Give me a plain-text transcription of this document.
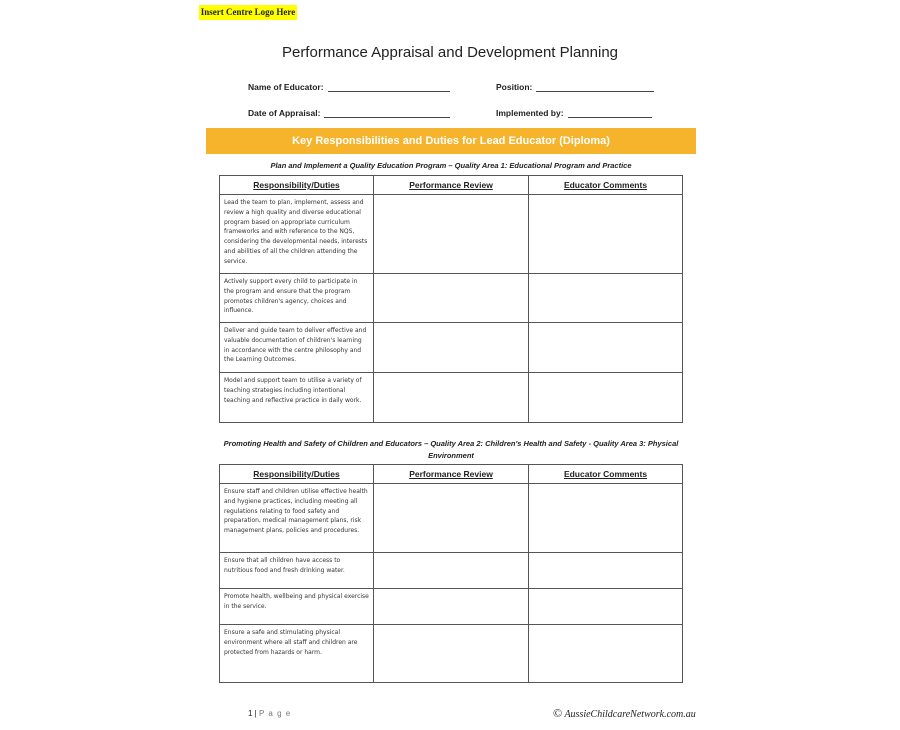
Insert Centre Logo Here
Performance Appraisal and Development Planning
Name of Educator:	Position:
Date of Appraisal:	Implemented by:
Key Responsibilities and Duties for Lead Educator (Diploma)
Plan and Implement a Quality Education Program – Quality Area 1: Educational Program and Practice
Responsibility/Duties	Performance Review	Educator Comments
Lead the team to plan, implement, assess and review a high quality and diverse educational program based on appropriate curriculum frameworks and with reference to the NQS, considering the developmental needs, interests and abilities of all the children attending the service.		
Actively support every child to participate in the program and ensure that the program promotes children's agency, choices and influence.		
Deliver and guide team to deliver effective and valuable documentation of children's learning in accordance with the centre philosophy and the Learning Outcomes.		
Model and support team to utilise a variety of teaching strategies including intentional teaching and reflective practice in daily work.		
Promoting Health and Safety of Children and Educators – Quality Area 2: Children's Health and Safety - Quality Area 3: Physical Environment
Responsibility/Duties	Performance Review	Educator Comments
Ensure staff and children utilise effective health and hygiene practices, including meeting all regulations relating to food safety and preparation, medical management plans, risk management plans, policies and procedures.		
Ensure that all children have access to nutritious food and fresh drinking water.		
Promote health, wellbeing and physical exercise in the service.		
Ensure a safe and stimulating physical environment where all staff and children are protected from hazards or harm.		
1 | P a g e	© AussieChildcareNetwork.com.au
